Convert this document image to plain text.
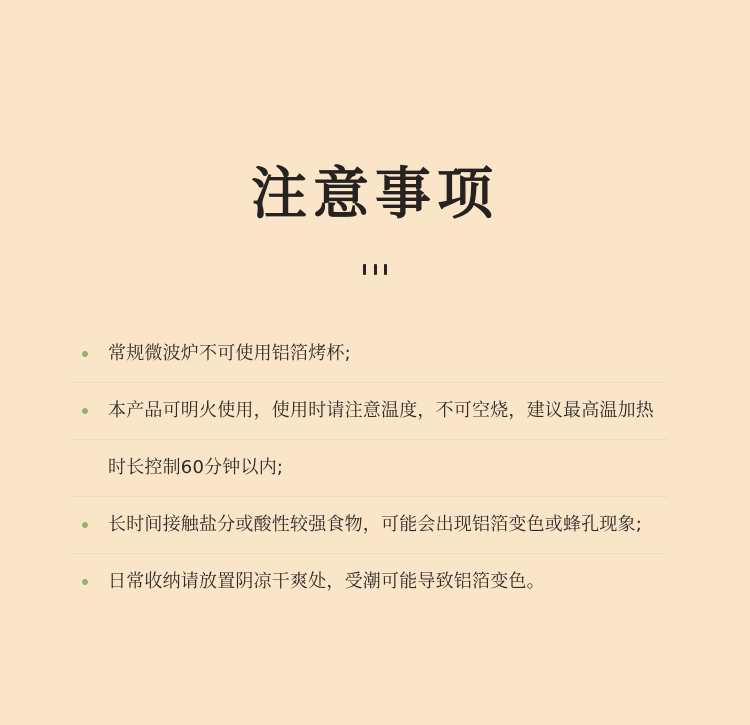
注意事项
常规微波炉不可使用铝箔烤杯;
本产品可明火使用，使用时请注意温度，不可空烧，建议最高温加热
时长控制60分钟以内;
长时间接触盐分或酸性较强食物，可能会出现铝箔变色或蜂孔现象;
日常收纳请放置阴凉干爽处，受潮可能导致铝箔变色。
